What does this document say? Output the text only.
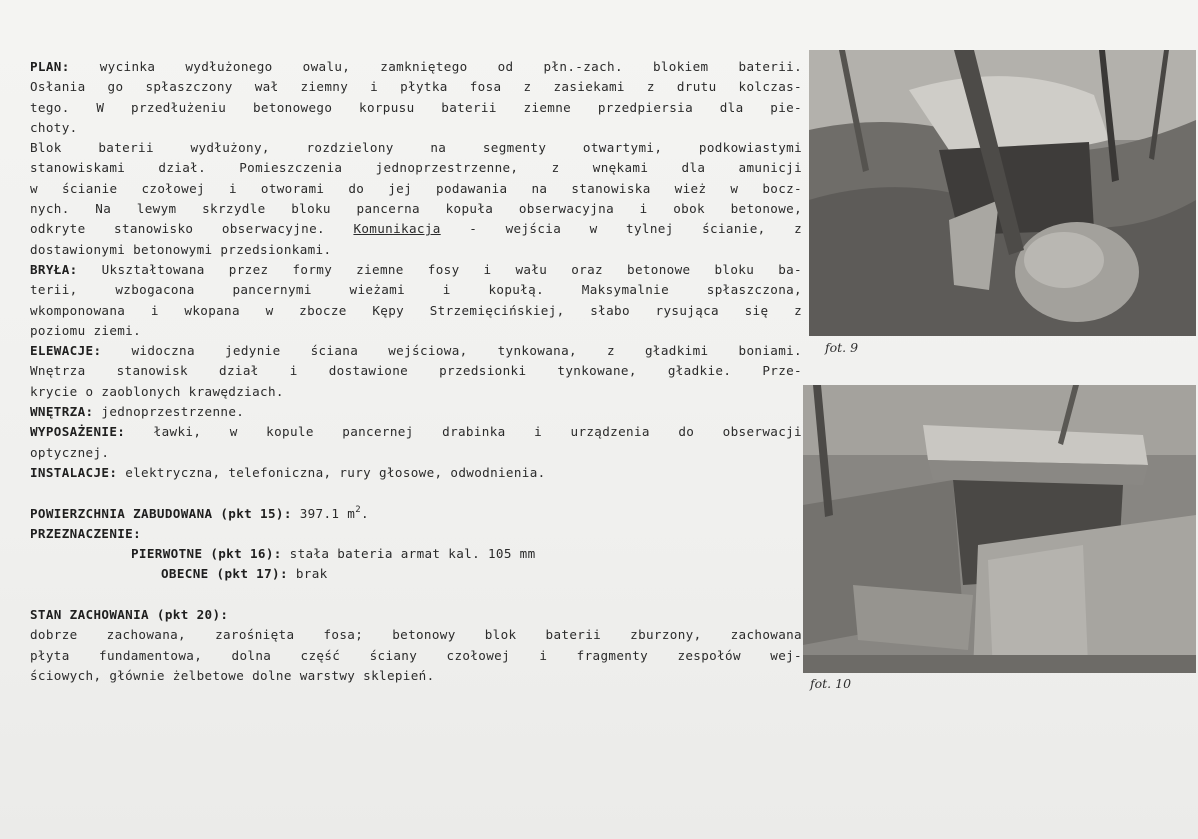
PLAN: wycinka wydłużonego owalu, zamkniętego od płn.-zach. blokiem baterii.
Osłania go spłaszczony wał ziemny i płytka fosa z zasiekami z drutu kolczas-
tego. W przedłużeniu betonowego korpusu baterii ziemne przedpiersia dla pie-
choty.
Blok baterii wydłużony, rozdzielony na segmenty otwartymi, podkowiastymi
stanowiskami dział. Pomieszczenia jednoprzestrzenne, z wnękami dla amunicji
w ścianie czołowej i otworami do jej podawania na stanowiska wież w bocz-
nych. Na lewym skrzydle bloku pancerna kopuła obserwacyjna i obok betonowe,
odkryte stanowisko obserwacyjne. Komunikacja - wejścia w tylnej ścianie, z
dostawionymi betonowymi przedsionkami.
BRYŁA: Ukształtowana przez formy ziemne fosy i wału oraz betonowe bloku ba-
terii, wzbogacona pancernymi wieżami i kopułą. Maksymalnie spłaszczona,
wkomponowana i wkopana w zbocze Kępy Strzemięcińskiej, słabo rysująca się z
poziomu ziemi.
ELEWACJE: widoczna jedynie ściana wejściowa, tynkowana, z gładkimi boniami.
Wnętrza stanowisk dział i dostawione przedsionki tynkowane, gładkie. Prze-
krycie o zaoblonych krawędziach.
WNĘTRZA: jednoprzestrzenne.
WYPOSAŻENIE: ławki, w kopule pancernej drabinka i urządzenia do obserwacji
optycznej.
INSTALACJE: elektryczna, telefoniczna, rury głosowe, odwodnienia.
POWIERZCHNIA ZABUDOWANA (pkt 15): 397.1 $m^2$.
PRZEZNACZENIE:
PIERWOTNE (pkt 16): stała bateria armat kal. 105 mm
OBECNE (pkt 17): brak
STAN ZACHOWANIA (pkt 20):
dobrze zachowana, zarośnięta fosa; betonowy blok baterii zburzony, zachowana
płyta fundamentowa, dolna część ściany czołowej i fragmenty zespołów wej-
ściowych, głównie żelbetowe dolne warstwy sklepień.
fot. 9
fot. 10
